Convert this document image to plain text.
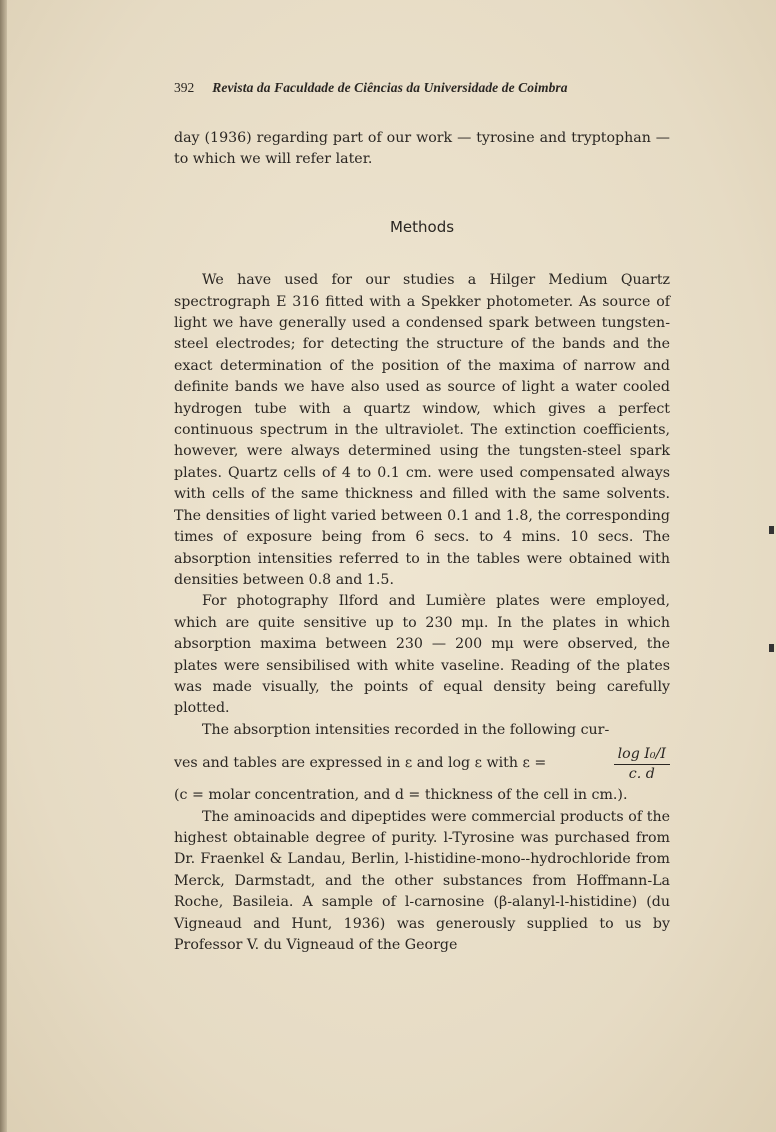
392 Revista da Faculdade de Ciências da Universidade de Coimbra

day (1936) regarding part of our work — tyrosine and tryptophan — to which we will refer later.

Methods

We have used for our studies a Hilger Medium Quartz spectrograph E 316 fitted with a Spekker photometer. As source of light we have generally used a condensed spark between tungsten-steel electrodes; for detecting the structure of the bands and the exact determination of the position of the maxima of narrow and definite bands we have also used as source of light a water cooled hydrogen tube with a quartz window, which gives a perfect continuous spectrum in the ultraviolet. The extinction coefficients, however, were always determined using the tungsten-steel spark plates. Quartz cells of 4 to 0.1 cm. were used compensated always with cells of the same thickness and filled with the same solvents. The densities of light varied between 0.1 and 1.8, the corresponding times of exposure being from 6 secs. to 4 mins. 10 secs. The absorption intensities referred to in the tables were obtained with densities between 0.8 and 1.5.

For photography Ilford and Lumière plates were employed, which are quite sensitive up to 230 mμ. In the plates in which absorption maxima between 230 — 200 mμ were observed, the plates were sensibilised with white vaseline. Reading of the plates was made visually, the points of equal density being carefully plotted.

The absorption intensities recorded in the following cur-

ves and tables are expressed in ε and log ε with ε =	$\frac{\text{log I₀/I}}{c. d}$

(c = molar concentration, and d = thickness of the cell in cm.).

The aminoacids and dipeptides were commercial products of the highest obtainable degree of purity. l-Tyrosine was purchased from Dr. Fraenkel & Landau, Berlin, l-histidine-mono--hydrochloride from Merck, Darmstadt, and the other substances from Hoffmann-La Roche, Basileia. A sample of l-carnosine (β-alanyl-l-histidine) (du Vigneaud and Hunt, 1936) was generously supplied to us by Professor V. du Vigneaud of the George
